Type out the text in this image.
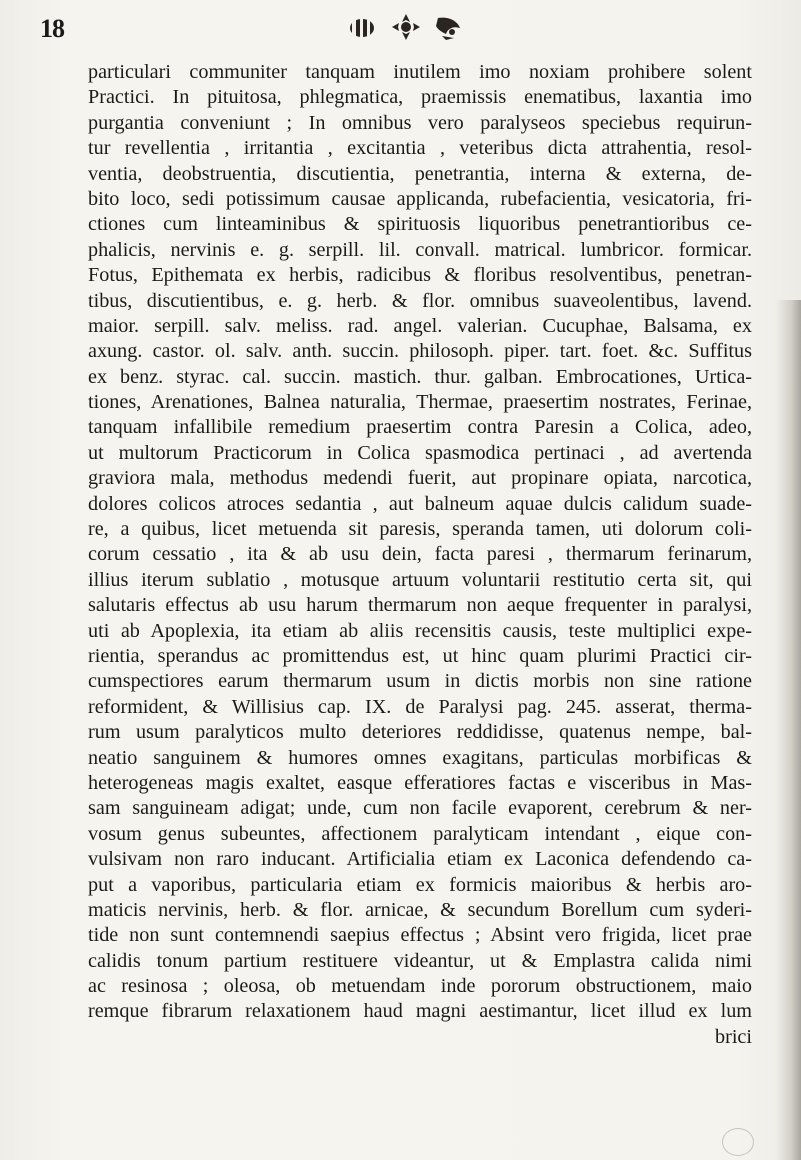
18
particulari communiter tanquam inutilem imo noxiam prohibere solent
Practici. In pituitosa, phlegmatica, praemissis enematibus, laxantia imo
purgantia conveniunt ; In omnibus vero paralyseos speciebus requirun-
tur revellentia , irritantia , excitantia , veteribus dicta attrahentia, resol-
ventia, deobstruentia, discutientia, penetrantia, interna & externa, de-
bito loco, sedi potissimum causae applicanda, rubefacientia, vesicatoria, fri-
ctiones cum linteaminibus & spirituosis liquoribus penetrantioribus ce-
phalicis, nervinis e. g. serpill. lil. convall. matrical. lumbricor. formicar.
Fotus, Epithemata ex herbis, radicibus & floribus resolventibus, penetran-
tibus, discutientibus, e. g. herb. & flor. omnibus suaveolentibus, lavend.
maior. serpill. salv. meliss. rad. angel. valerian. Cucuphae, Balsama, ex
axung. castor. ol. salv. anth. succin. philosoph. piper. tart. foet. &c. Suffitus
ex benz. styrac. cal. succin. mastich. thur. galban. Embrocationes, Urtica-
tiones, Arenationes, Balnea naturalia, Thermae, praesertim nostrates, Ferinae,
tanquam infallibile remedium praesertim contra Paresin a Colica, adeo,
ut multorum Practicorum in Colica spasmodica pertinaci , ad avertenda
graviora mala, methodus medendi fuerit, aut propinare opiata, narcotica,
dolores colicos atroces sedantia , aut balneum aquae dulcis calidum suade-
re, a quibus, licet metuenda sit paresis, speranda tamen, uti dolorum coli-
corum cessatio , ita & ab usu dein, facta paresi , thermarum ferinarum,
illius iterum sublatio , motusque artuum voluntarii restitutio certa sit, qui
salutaris effectus ab usu harum thermarum non aeque frequenter in paralysi,
uti ab Apoplexia, ita etiam ab aliis recensitis causis, teste multiplici expe-
rientia, sperandus ac promittendus est, ut hinc quam plurimi Practici cir-
cumspectiores earum thermarum usum in dictis morbis non sine ratione
reformident, & Willisius cap. IX. de Paralysi pag. 245. asserat, therma-
rum usum paralyticos multo deteriores reddidisse, quatenus nempe, bal-
neatio sanguinem & humores omnes exagitans, particulas morbificas &
heterogeneas magis exaltet, easque efferatiores factas e visceribus in Mas-
sam sanguineam adigat; unde, cum non facile evaporent, cerebrum & ner-
vosum genus subeuntes, affectionem paralyticam intendant , eique con-
vulsivam non raro inducant. Artificialia etiam ex Laconica defendendo ca-
put a vaporibus, particularia etiam ex formicis maioribus & herbis aro-
maticis nervinis, herb. & flor. arnicae, & secundum Borellum cum syderi-
tide non sunt contemnendi saepius effectus ; Absint vero frigida, licet prae
calidis tonum partium restituere videantur, ut & Emplastra calida nimi
ac resinosa ; oleosa, ob metuendam inde pororum obstructionem, maio
remque fibrarum relaxationem haud magni aestimantur, licet illud ex lum
brici
